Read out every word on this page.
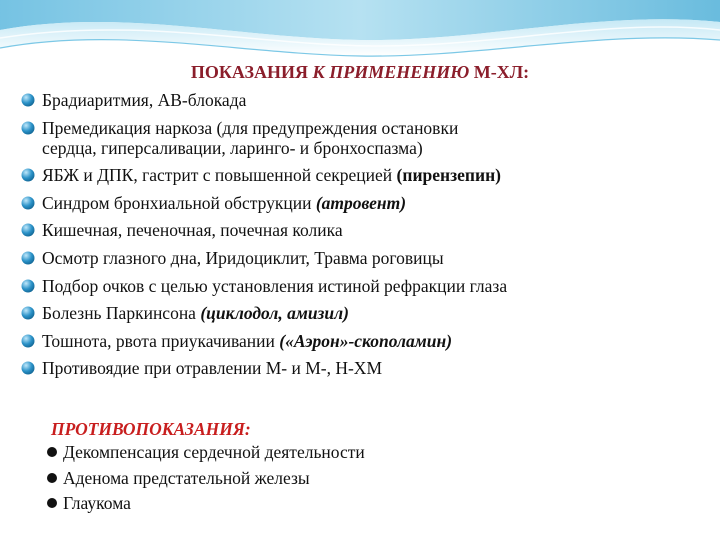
ПОКАЗАНИЯ К ПРИМЕНЕНИЮ М-ХЛ:
Брадиаритмия, АВ-блокада
Премедикация наркоза (для предупреждения остановки
сердца, гиперсаливации, ларинго- и бронхоспазма)
ЯБЖ и ДПК, гастрит с повышенной секрецией (пирензепин)
Синдром бронхиальной обструкции (атровент)
Кишечная, печеночная, почечная колика
Осмотр глазного дна, Иридоциклит, Травма роговицы
Подбор очков с целью установления истиной рефракции глаза
Болезнь Паркинсона (циклодол, амизил)
Тошнота, рвота приукачивании («Аэрон»-скополамин)
Противоядие при отравлении М- и М-, Н-ХМ
ПРОТИВОПОКАЗАНИЯ:
Декомпенсация сердечной деятельности
Аденома предстательной железы
Глаукома
